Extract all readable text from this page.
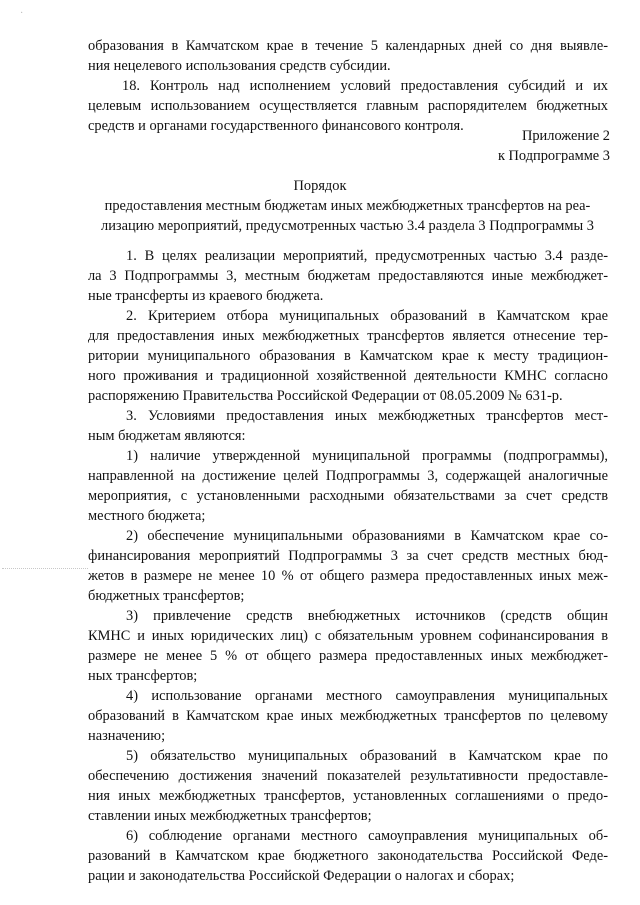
·
образования в Камчатском крае в течение 5 календарных дней со дня выявле-
ния нецелевого использования средств субсидии.
18. Контроль над исполнением условий предоставления субсидий и их
целевым использованием осуществляется главным распорядителем бюджетных
средств и органами государственного финансового контроля.
Приложение 2
к Подпрограмме 3
Порядок
предоставления местным бюджетам иных межбюджетных трансфертов на реа-
лизацию мероприятий, предусмотренных частью 3.4 раздела 3 Подпрограммы 3
1. В целях реализации мероприятий, предусмотренных частью 3.4 разде-
ла 3 Подпрограммы 3, местным бюджетам предоставляются иные межбюджет-
ные трансферты из краевого бюджета.
2. Критерием отбора муниципальных образований в Камчатском крае
для предоставления иных межбюджетных трансфертов является отнесение тер-
ритории муниципального образования в Камчатском крае к месту традицион-
ного проживания и традиционной хозяйственной деятельности КМНС согласно
распоряжению Правительства Российской Федерации от 08.05.2009 № 631-р.
3. Условиями предоставления иных межбюджетных трансфертов мест-
ным бюджетам являются:
1) наличие утвержденной муниципальной программы (подпрограммы),
направленной на достижение целей Подпрограммы 3, содержащей аналогичные
мероприятия, с установленными расходными обязательствами за счет средств
местного бюджета;
2) обеспечение муниципальными образованиями в Камчатском крае со-
финансирования мероприятий Подпрограммы 3 за счет средств местных бюд-
жетов в размере не менее 10 % от общего размера предоставленных иных меж-
бюджетных трансфертов;
3) привлечение средств внебюджетных источников (средств общин
КМНС и иных юридических лиц) с обязательным уровнем софинансирования в
размере не менее 5 % от общего размера предоставленных иных межбюджет-
ных трансфертов;
4) использование органами местного самоуправления муниципальных
образований в Камчатском крае иных межбюджетных трансфертов по целевому
назначению;
5) обязательство муниципальных образований в Камчатском крае по
обеспечению достижения значений показателей результативности предоставле-
ния иных межбюджетных трансфертов, установленных соглашениями о предо-
ставлении иных межбюджетных трансфертов;
6) соблюдение органами местного самоуправления муниципальных об-
разований в Камчатском крае бюджетного законодательства Российской Феде-
рации и законодательства Российской Федерации о налогах и сборах;
